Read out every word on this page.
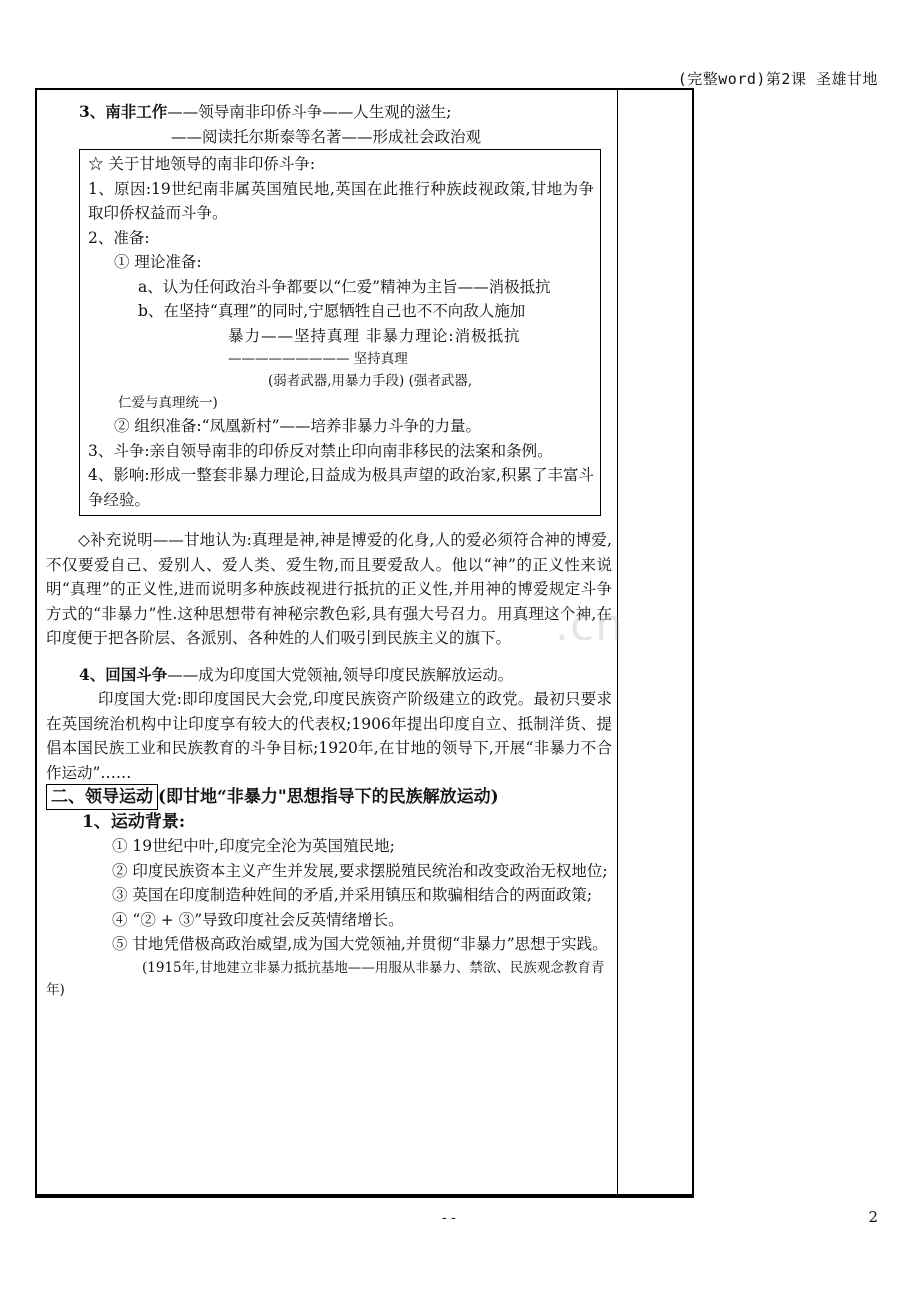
(完整word)第2课 圣雄甘地

3、南非工作——领导南非印侨斗争——人生观的滋生;

——阅读托尔斯泰等名著——形成社会政治观

☆ 关于甘地领导的南非印侨斗争:

1、原因:19世纪南非属英国殖民地,英国在此推行种族歧视政策,甘地为争取印侨权益而斗争。

2、准备:

① 理论准备:

a、认为任何政治斗争都要以“仁爱”精神为主旨——消极抵抗

b、在坚持“真理”的同时,宁愿牺牲自己也不不向敌人施加

暴力——坚持真理 非暴力理论:消极抵抗

————————— 坚持真理

(弱者武器,用暴力手段) (强者武器,

仁爱与真理统一)

② 组织准备:“凤凰新村”——培养非暴力斗争的力量。

3、斗争:亲自领导南非的印侨反对禁止印向南非移民的法案和条例。

4、影响:形成一整套非暴力理论,日益成为极具声望的政治家,积累了丰富斗争经验。

◇补充说明——甘地认为:真理是神,神是博爱的化身,人的爱必须符合神的博爱,不仅要爱自己、爱别人、爱人类、爱生物,而且要爱敌人。他以“神”的正义性来说明“真理”的正义性,进而说明多种族歧视进行抵抗的正义性,并用神的博爱规定斗争方式的“非暴力”性.这种思想带有神秘宗教色彩,具有强大号召力。用真理这个神,在印度便于把各阶层、各派别、各种姓的人们吸引到民族主义的旗下。

4、回国斗争——成为印度国大党领袖,领导印度民族解放运动。

印度国大党:即印度国民大会党,印度民族资产阶级建立的政党。最初只要求在英国统治机构中让印度享有较大的代表权;1906年提出印度自立、抵制洋货、提倡本国民族工业和民族教育的斗争目标;1920年,在甘地的领导下,开展“非暴力不合作运动”……

二、领导运动 (即甘地“非暴力"思想指导下的民族解放运动)

1、运动背景:

① 19世纪中叶,印度完全沦为英国殖民地;

② 印度民族资本主义产生并发展,要求摆脱殖民统治和改变政治无权地位;

③ 英国在印度制造种姓间的矛盾,并采用镇压和欺骗相结合的两面政策;

④ “② + ③”导致印度社会反英情绪增长。

⑤ 甘地凭借极高政治威望,成为国大党领袖,并贯彻“非暴力”思想于实践。

(1915年,甘地建立非暴力抵抗基地——用服从非暴力、禁欲、民族观念教育青年)

.cn
- -	2
